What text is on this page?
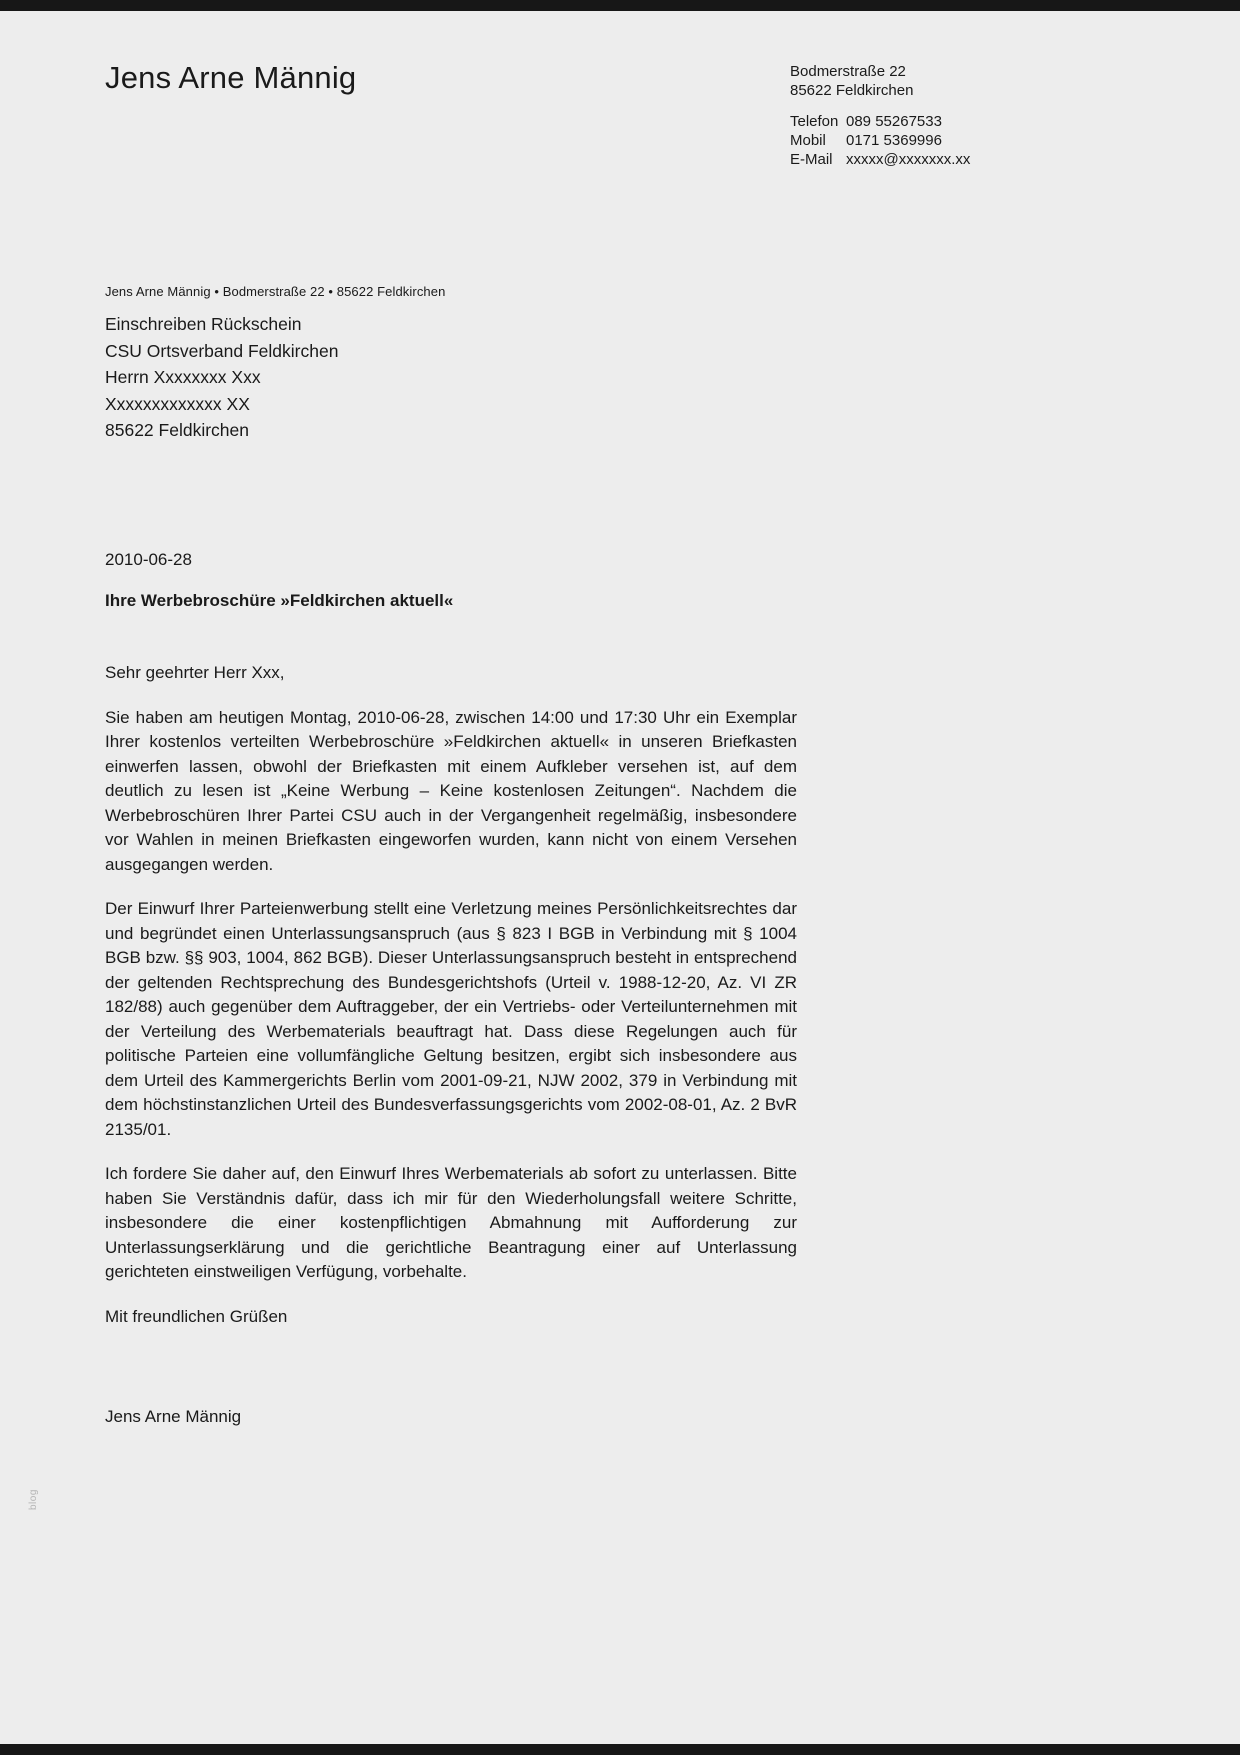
Jens Arne Männig	Bodmerstraße 22
85622 Feldkirchen
Telefon 089 55267533
Mobil	0171 5369996
E-Mail xxxxx@xxxxxxx.xx
Jens Arne Männig • Bodmerstraße 22 • 85622 Feldkirchen
Einschreiben Rückschein
CSU Ortsverband Feldkirchen
Herrn Xxxxxxxx Xxx
Xxxxxxxxxxxxx XX
85622 Feldkirchen
2010-06-28
Ihre Werbebroschüre »Feldkirchen aktuell«
Sehr geehrter Herr Xxx,

Sie haben am heutigen Montag, 2010-06-28, zwischen 14:00 und 17:30 Uhr ein Exemplar Ihrer kostenlos verteilten Werbebroschüre »Feldkirchen aktuell« in unseren Briefkasten einwerfen lassen, obwohl der Briefkasten mit einem Aufkleber versehen ist, auf dem deutlich zu lesen ist „Keine Werbung – Keine kostenlosen Zeitungen“. Nachdem die Werbebroschüren Ihrer Partei CSU auch in der Vergangenheit regelmäßig, insbesondere vor Wahlen in meinen Briefkasten eingeworfen wurden, kann nicht von einem Versehen ausgegangen werden.

Der Einwurf Ihrer Parteienwerbung stellt eine Verletzung meines Persönlichkeitsrechtes dar und begründet einen Unterlassungsanspruch (aus § 823 I BGB in Verbindung mit § 1004 BGB bzw. §§ 903, 1004, 862 BGB). Dieser Unterlassungsanspruch besteht in entsprechend der geltenden Rechtsprechung des Bundesgerichtshofs (Urteil v. 1988-12-20, Az. VI ZR 182/88) auch gegenüber dem Auftraggeber, der ein Vertriebs- oder Verteilunternehmen mit der Verteilung des Werbematerials beauftragt hat. Dass diese Regelungen auch für politische Parteien eine vollumfängliche Geltung besitzen, ergibt sich insbesondere aus dem Urteil des Kammergerichts Berlin vom 2001-09-21, NJW 2002, 379 in Verbindung mit dem höchstinstanzlichen Urteil des Bundesverfassungsgerichts vom 2002-08-01, Az. 2 BvR 2135/01.

Ich fordere Sie daher auf, den Einwurf Ihres Werbematerials ab sofort zu unterlassen. Bitte haben Sie Verständnis dafür, dass ich mir für den Wiederholungsfall weitere Schritte, insbesondere die einer kostenpflichtigen Abmahnung mit Aufforderung zur Unterlassungserklärung und die gerichtliche Beantragung einer auf Unterlassung gerichteten einstweiligen Verfügung, vorbehalte.

Mit freundlichen Grüßen
Jens Arne Männig
blog
